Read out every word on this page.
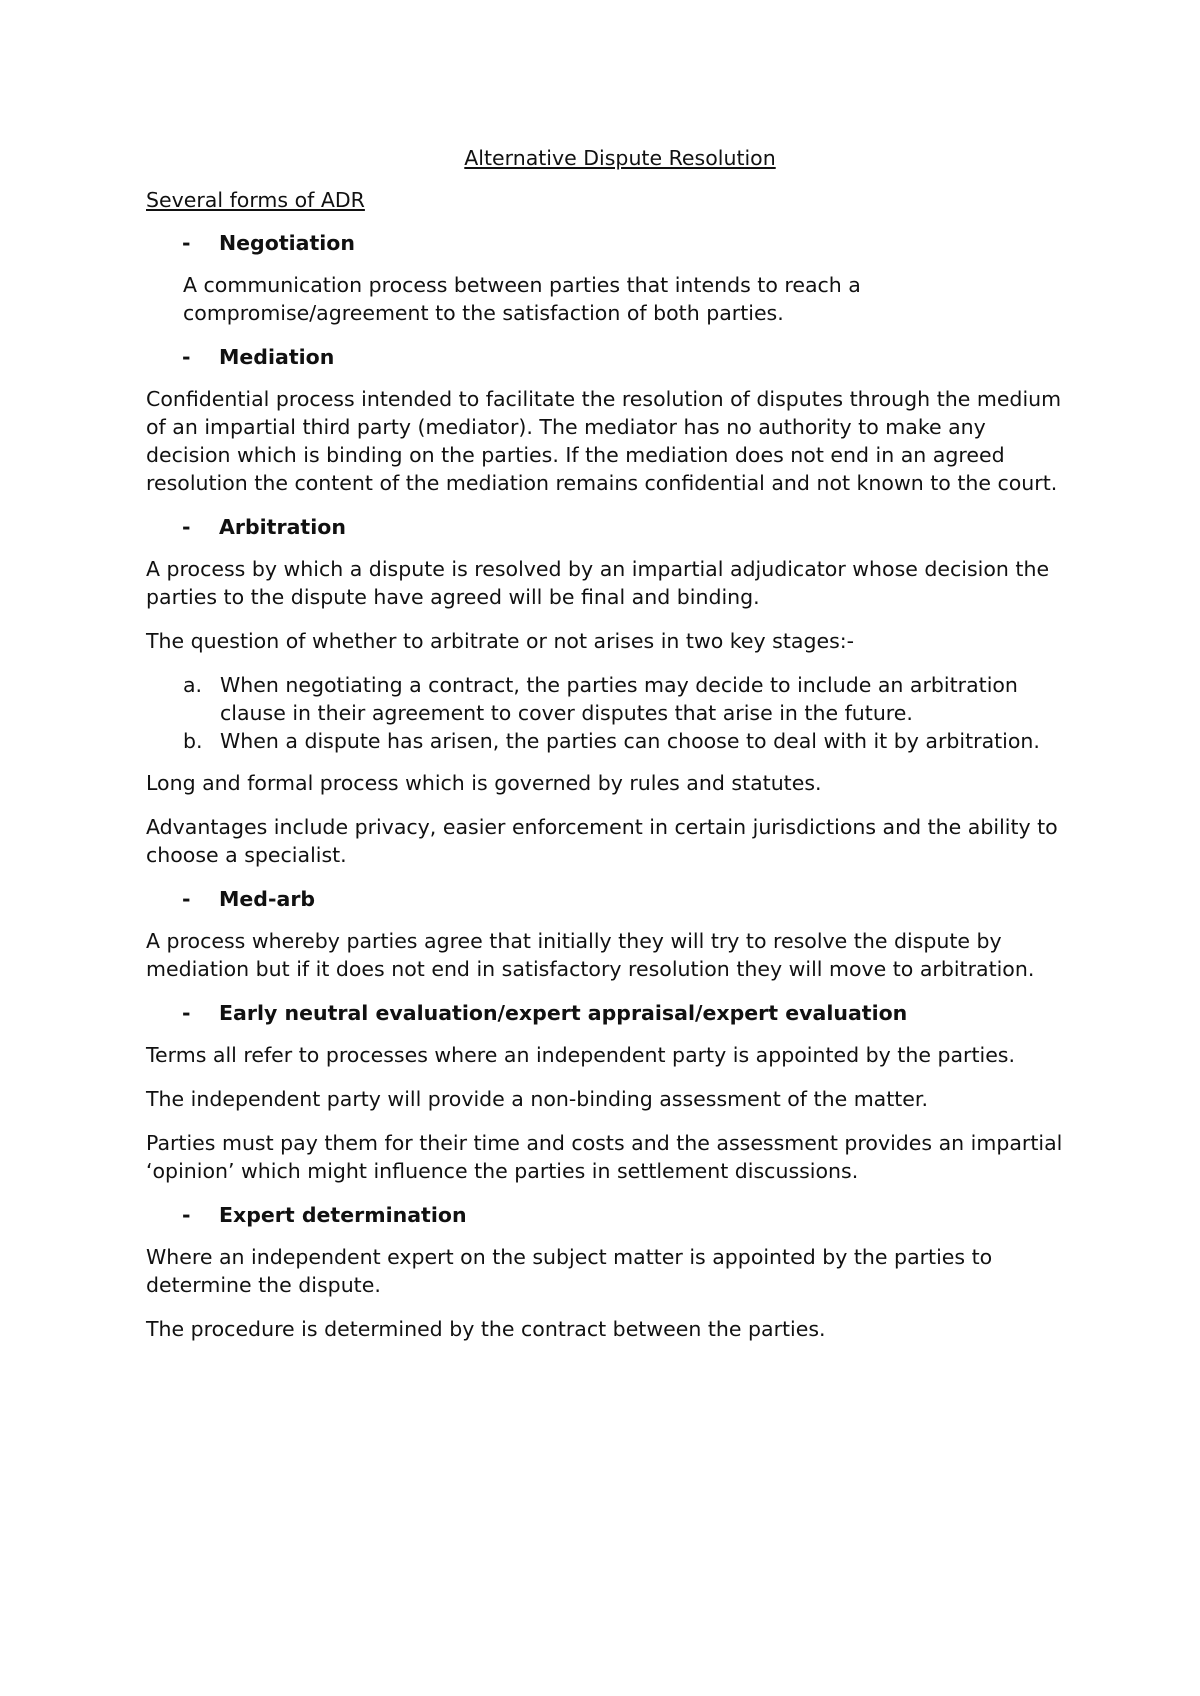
Alternative Dispute Resolution
Several forms of ADR
-	Negotiation
A communication process between parties that intends to reach a compromise/agreement to the satisfaction of both parties.
-	Mediation
Confidential process intended to facilitate the resolution of disputes through the medium of an impartial third party (mediator). The mediator has no authority to make any decision which is binding on the parties. If the mediation does not end in an agreed resolution the content of the mediation remains confidential and not known to the court.
-	Arbitration
A process by which a dispute is resolved by an impartial adjudicator whose decision the parties to the dispute have agreed will be final and binding.
The question of whether to arbitrate or not arises in two key stages:-
a. When negotiating a contract, the parties may decide to include an arbitration clause in their agreement to cover disputes that arise in the future.
b. When a dispute has arisen, the parties can choose to deal with it by arbitration.
Long and formal process which is governed by rules and statutes.
Advantages include privacy, easier enforcement in certain jurisdictions and the ability to choose a specialist.
-	Med-arb
A process whereby parties agree that initially they will try to resolve the dispute by mediation but if it does not end in satisfactory resolution they will move to arbitration.
-	Early neutral evaluation/expert appraisal/expert evaluation
Terms all refer to processes where an independent party is appointed by the parties.
The independent party will provide a non-binding assessment of the matter.
Parties must pay them for their time and costs and the assessment provides an impartial ‘opinion’ which might influence the parties in settlement discussions.
-	Expert determination
Where an independent expert on the subject matter is appointed by the parties to determine the dispute.
The procedure is determined by the contract between the parties.
